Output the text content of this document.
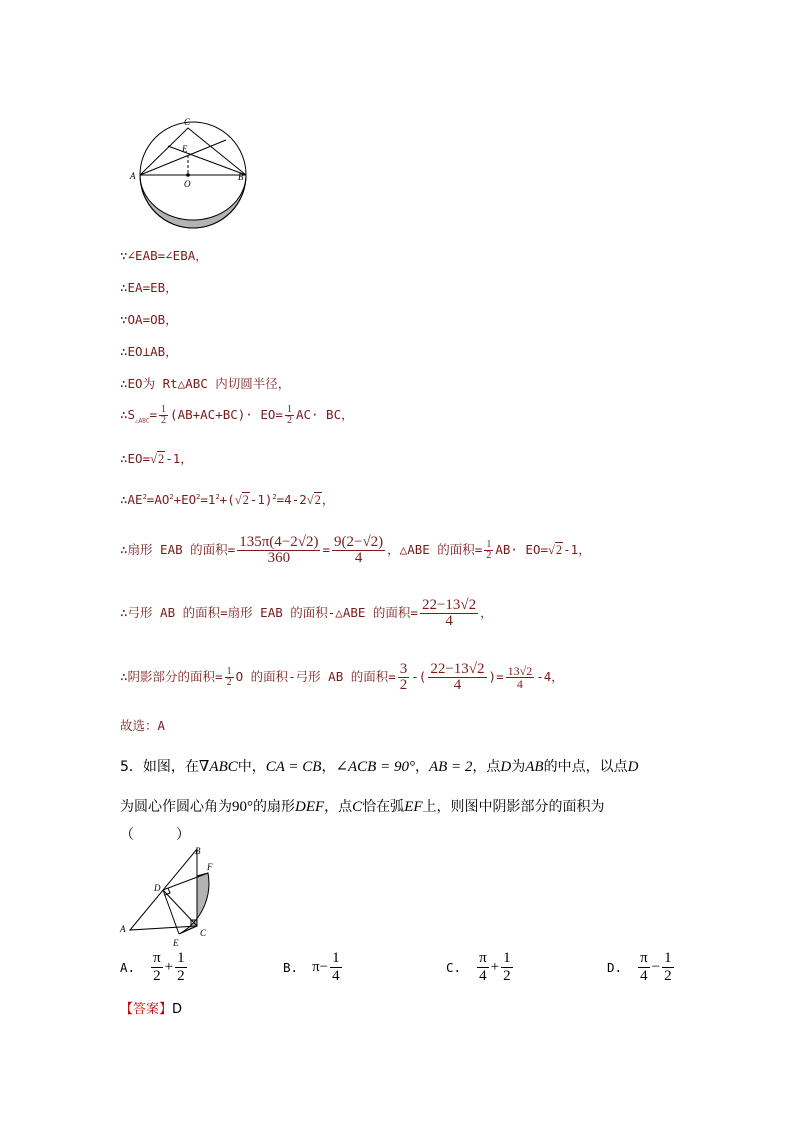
C
E
A
O
B
∵∠EAB=∠EBA，
∴EA=EB，
∵OA=OB，
∴EO⊥AB，
∴EO为 Rt△ABC 内切圆半径，
$\therefore S_{\triangle ABC}= \frac{1}{2} (AB+AC+BC)\cdot EO= \frac{1}{2} AC\cdot$ BC，
∴EO=√2-1，
$\therefore AE^2=AO^2+EO^2=1^2+(√2-1)^2=4-2√2$，
∴扇形 EAB 的面积= $\frac{135\pi(4-2√2)}{360} = \frac{9(2-√2)}{4}$ ，△ABE 的面积= $\frac{1}{2} AB\cdot EO=√2-1$，
∴弓形 AB 的面积=扇形 EAB 的面积-△ABE 的面积= $\frac{22-13√2}{4}$ ，
∴阴影部分的面积= $\frac{1}{2}$ O 的面积-弓形 AB 的面积= $\frac{3}{2}$ -( $\frac{22-13√2}{4}$ )= $\frac{13√2}{4} -4$，
故选：A
5．如图，在∇ABC中，CA = CB，∠ACB = 90°，AB = 2，点D为AB的中点，以点D
为圆心作圆心角为90°的扇形DEF，点C恰在弧EF上，则图中阴影部分的面积为
（　　　）
B
F
D
A
E
C
A. $\frac{\pi}{2} + \frac{1}{2}$	B. $\pi- \frac{1}{4}$	C. $\frac{\pi}{4} + \frac{1}{2}$	D. $\frac{\pi}{4} - \frac{1}{2}$
【答案】D
